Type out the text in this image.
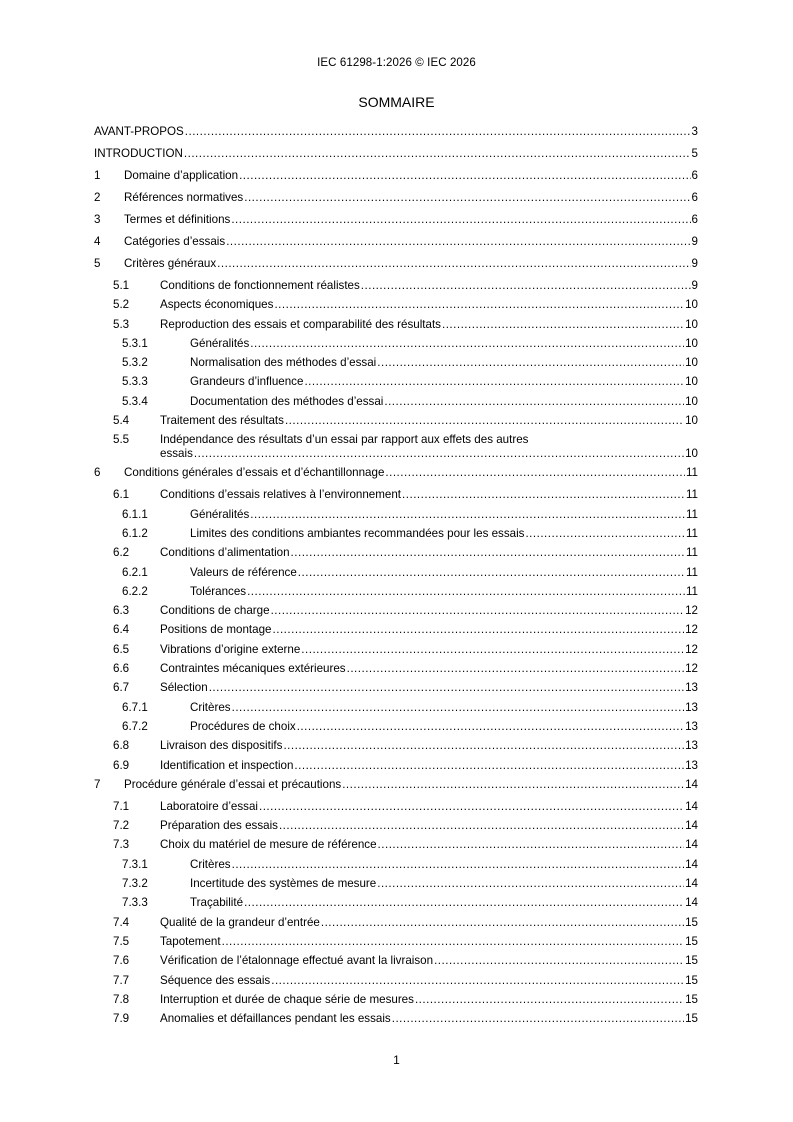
IEC 61298-1:2026 © IEC 2026
SOMMAIRE
AVANT-PROPOS .....	3
INTRODUCTION .....	5
1 Domaine d’application .....	6
2 Références normatives .....	6
3 Termes et définitions .....	6
4 Catégories d’essais .....	9
5 Critères généraux .....	9
5.1	Conditions de fonctionnement réalistes .....	9
5.2	Aspects économiques .....	10
5.3	Reproduction des essais et comparabilité des résultats .....	10
5.3.1	Généralités .....	10
5.3.2	Normalisation des méthodes d’essai .....	10
5.3.3	Grandeurs d’influence .....	10
5.3.4	Documentation des méthodes d’essai .....	10
5.4	Traitement des résultats .....	10
5.5	Indépendance des résultats d’un essai par rapport aux effets des autres
essais .....	10
6 Conditions générales d’essais et d’échantillonnage .....	11
6.1	Conditions d’essais relatives à l’environnement .....	11
6.1.1	Généralités .....	11
6.1.2	Limites des conditions ambiantes recommandées pour les essais .....	11
6.2	Conditions d’alimentation .....	11
6.2.1	Valeurs de référence .....	11
6.2.2	Tolérances .....	11
6.3	Conditions de charge .....	12
6.4	Positions de montage .....	12
6.5	Vibrations d’origine externe .....	12
6.6	Contraintes mécaniques extérieures .....	12
6.7	Sélection .....	13
6.7.1	Critères .....	13
6.7.2	Procédures de choix .....	13
6.8	Livraison des dispositifs .....	13
6.9	Identification et inspection .....	13
7 Procédure générale d’essai et précautions .....	14
7.1	Laboratoire d’essai .....	14
7.2	Préparation des essais .....	14
7.3	Choix du matériel de mesure de référence .....	14
7.3.1	Critères .....	14
7.3.2	Incertitude des systèmes de mesure .....	14
7.3.3	Traçabilité .....	14
7.4	Qualité de la grandeur d’entrée .....	15
7.5	Tapotement .....	15
7.6	Vérification de l’étalonnage effectué avant la livraison .....	15
7.7	Séquence des essais .....	15
7.8	Interruption et durée de chaque série de mesures .....	15
7.9	Anomalies et défaillances pendant les essais .....	15
1
